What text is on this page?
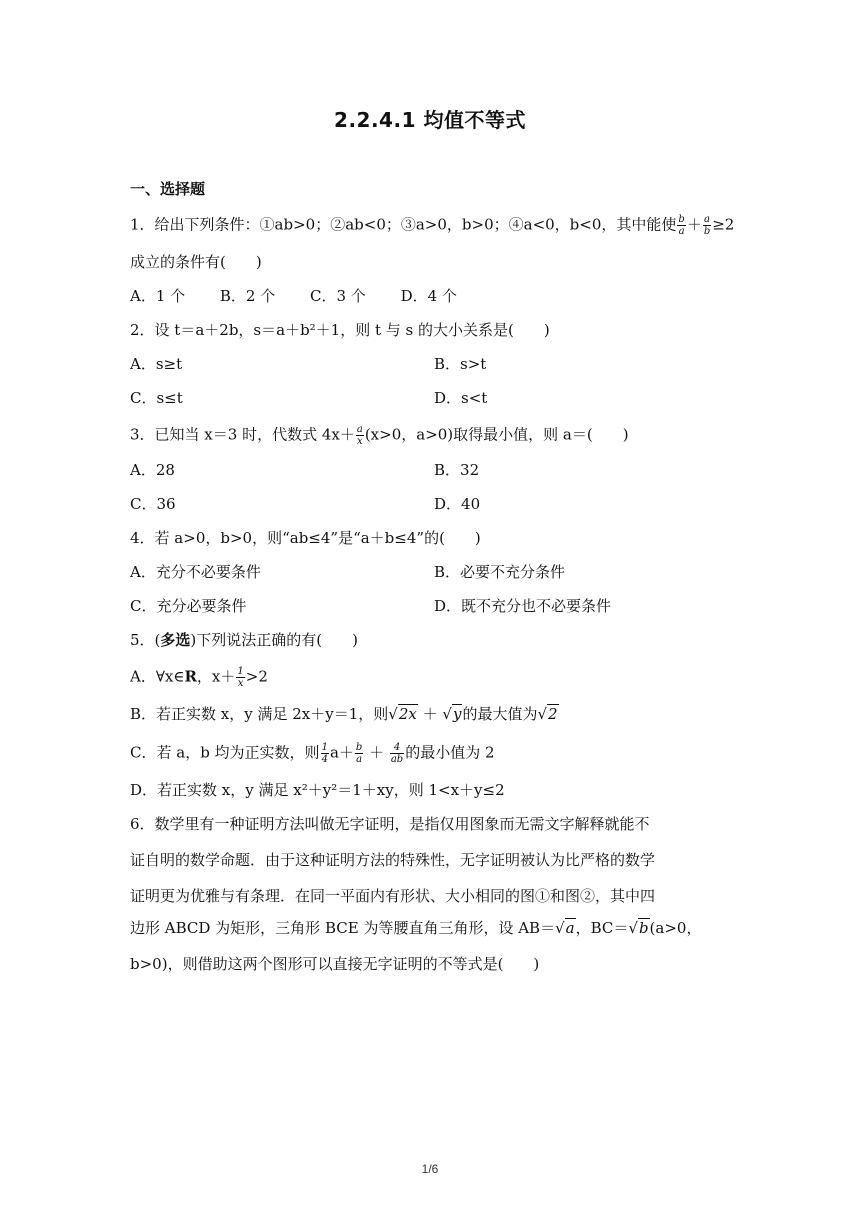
2.2.4.1 均值不等式
一、选择题
1．给出下列条件：①ab>0；②ab<0；③a>0，b>0；④a<0，b<0，其中能使 $\frac{b}{a} + \frac{a}{b} \ge 2$
成立的条件有(　　)
A．1 个　　 B．2 个　　 C．3 个　　 D．4 个
2．设 t＝a＋2b，s＝a＋b²＋1，则 t 与 s 的大小关系是(　　)
A．s≥t	B．s>t
C．s≤t	D．s<t
3．已知当 x＝3 时，代数式 $4x+ \frac{a}{x} (x>0$，a>0)取得最小值，则 a＝(　　)
A．28	B．32
C．36	D．40
4．若 a>0，b>0，则“ab≤4”是“a＋b≤4”的(　　)
A．充分不必要条件	B．必要不充分条件
C．充分必要条件	D．既不充分也不必要条件
5．(多选)下列说法正确的有(　　)
A．∀x∈R，$x+ \frac{1}{x} >2$
B．若正实数 x，y 满足 2x＋y＝1，则√2x ＋ √y的最大值为√2
C．若 a，b 均为正实数，则 $\frac{1}{4} a+ \frac{b}{a} + \frac{4}{ab}$ 的最小值为 2
D．若正实数 x，y 满足 x²＋y²＝1＋xy，则 1<x＋y≤2
6．数学里有一种证明方法叫做无字证明，是指仅用图象而无需文字解释就能不
证自明的数学命题．由于这种证明方法的特殊性，无字证明被认为比严格的数学
证明更为优雅与有条理．在同一平面内有形状、大小相同的图①和图②，其中四
边形 ABCD 为矩形，三角形 BCE 为等腰直角三角形，设 AB＝√a，BC＝√b(a>0，
b>0)，则借助这两个图形可以直接无字证明的不等式是(　　)
1/6
